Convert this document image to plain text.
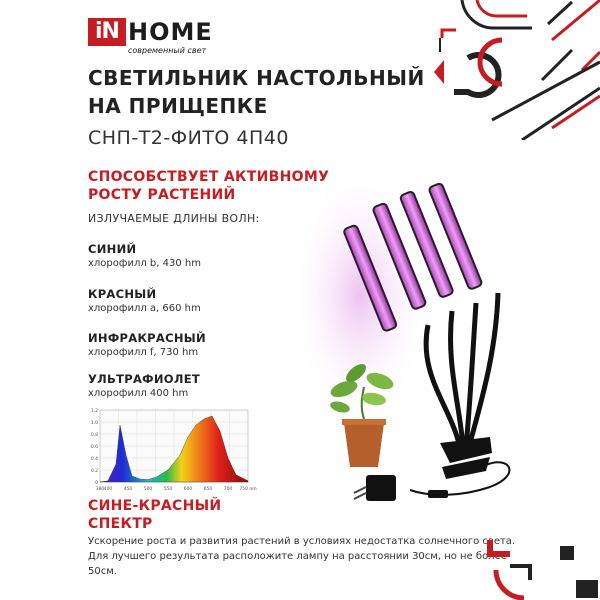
iN HOME
современный свет
СВЕТИЛЬНИК НАСТОЛЬНЫЙ НА ПРИЩЕПКЕ
СНП-Т2-ФИТО 4П40
СПОСОБСТВУЕТ АКТИВНОМУ РОСТУ РАСТЕНИЙ
ИЗЛУЧАЕМЫЕ ДЛИНЫ ВОЛН:
СИНИЙ
хлорофилл b, 430 hm
КРАСНЫЙ
хлорофилл a, 660 hm
ИНФРАКРАСНЫЙ
хлорофилл f, 730 hm
УЛЬТРАФИОЛЕТ
хлорофилл 400 hm
0
0.2
0.4
0.6
0.8
1.0
1.2
380 400	450	500	550	600	650	700 750 nm
СИНЕ-КРАСНЫЙ СПЕКТР
Ускорение роста и развития растений в условиях недостатка солнечного света. Для лучшего результата расположите лампу на расстоянии 30см, но не более 50см.
